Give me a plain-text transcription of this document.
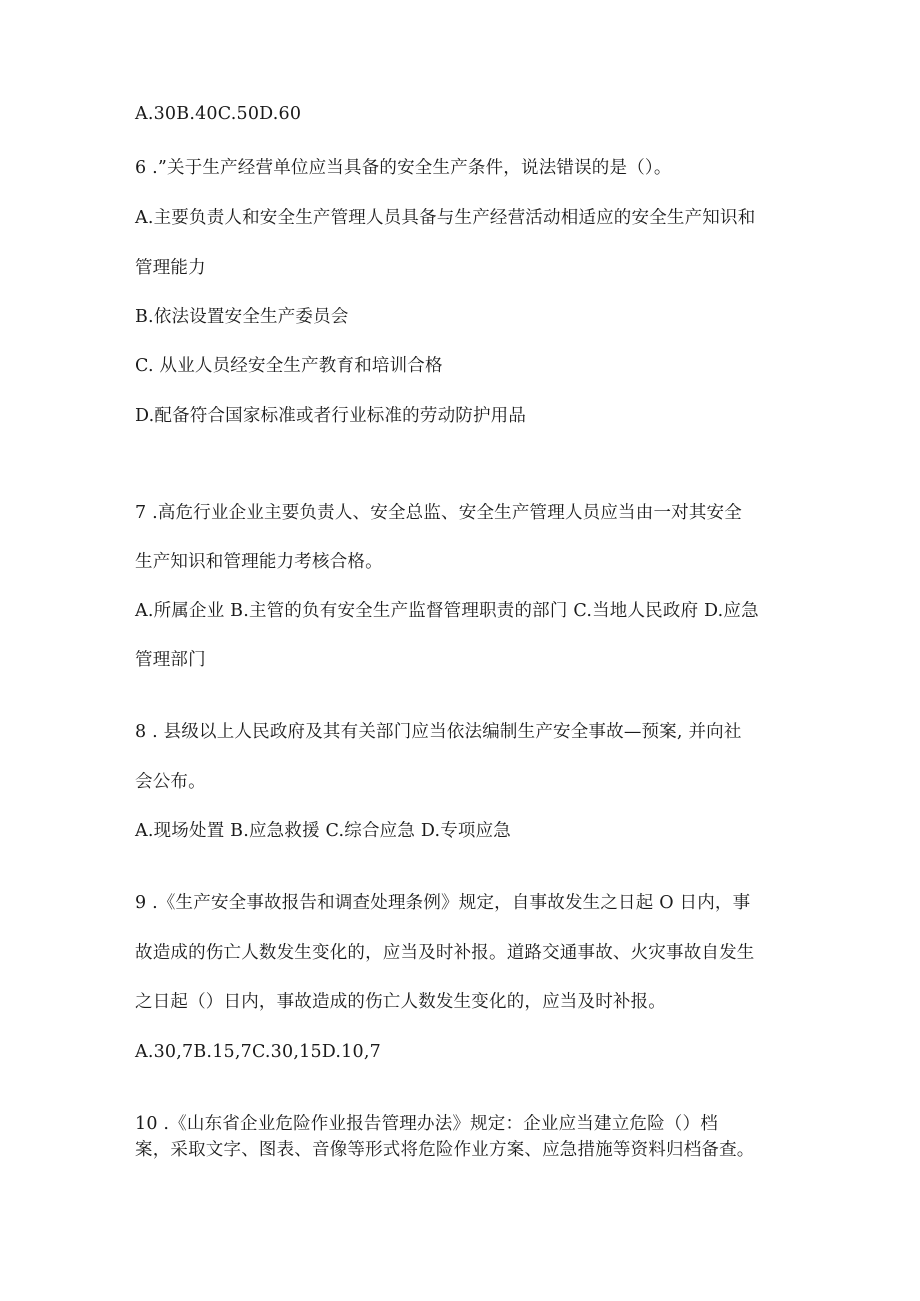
A.30B.40C.50D.60
6 .”关于生产经营单位应当具备的安全生产条件，说法错误的是（）。
A.主要负责人和安全生产管理人员具备与生产经营活动相适应的安全生产知识和
管理能力
B.依法设置安全生产委员会
C. 从业人员经安全生产教育和培训合格
D.配备符合国家标准或者行业标准的劳动防护用品
7 .高危行业企业主要负责人、安全总监、安全生产管理人员应当由一对其安全
生产知识和管理能力考核合格。
A.所属企业 B.主管的负有安全生产监督管理职责的部门 C.当地人民政府 D.应急
管理部门
8 . 县级以上人民政府及其有关部门应当依法编制生产安全事故—预案, 并向社
会公布。
A.现场处置 B.应急救援 C.综合应急 D.专项应急
9 .《生产安全事故报告和调查处理条例》规定，自事故发生之日起 O 日内，事
故造成的伤亡人数发生变化的，应当及时补报。道路交通事故、火灾事故自发生
之日起（）日内，事故造成的伤亡人数发生变化的，应当及时补报。
A.30,7B.15,7C.30,15D.10,7
10 .《山东省企业危险作业报告管理办法》规定：企业应当建立危险（）档
案，采取文字、图表、音像等形式将危险作业方案、应急措施等资料归档备查。
